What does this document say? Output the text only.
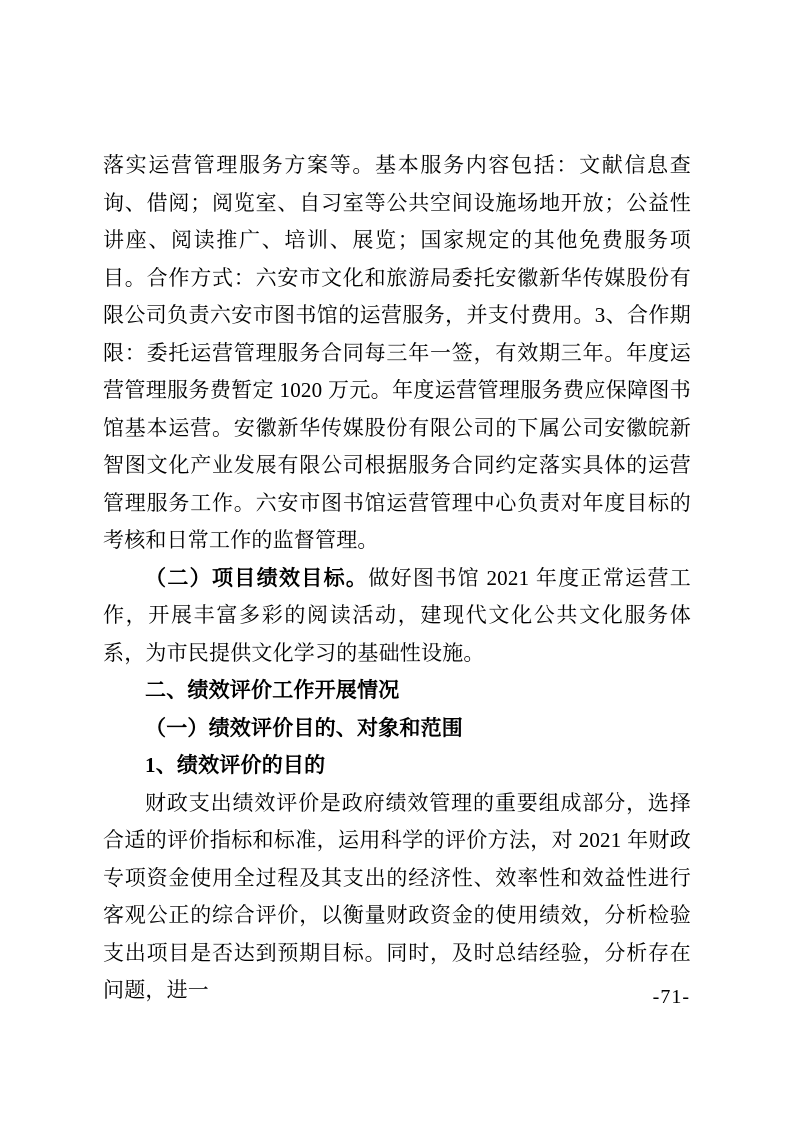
落实运营管理服务方案等。基本服务内容包括：文献信息查询、借阅；阅览室、自习室等公共空间设施场地开放；公益性讲座、阅读推广、培训、展览；国家规定的其他免费服务项目。合作方式：六安市文化和旅游局委托安徽新华传媒股份有限公司负责六安市图书馆的运营服务，并支付费用。3、合作期限：委托运营管理服务合同每三年一签，有效期三年。年度运营管理服务费暂定 1020 万元。年度运营管理服务费应保障图书馆基本运营。安徽新华传媒股份有限公司的下属公司安徽皖新智图文化产业发展有限公司根据服务合同约定落实具体的运营管理服务工作。六安市图书馆运营管理中心负责对年度目标的考核和日常工作的监督管理。

（二）项目绩效目标。做好图书馆 2021 年度正常运营工作，开展丰富多彩的阅读活动，建现代文化公共文化服务体系，为市民提供文化学习的基础性设施。

二、绩效评价工作开展情况

（一）绩效评价目的、对象和范围

1、绩效评价的目的

财政支出绩效评价是政府绩效管理的重要组成部分，选择合适的评价指标和标准，运用科学的评价方法，对 2021 年财政专项资金使用全过程及其支出的经济性、效率性和效益性进行客观公正的综合评价，以衡量财政资金的使用绩效，分析检验支出项目是否达到预期目标。同时，及时总结经验，分析存在问题，进一	-71-
